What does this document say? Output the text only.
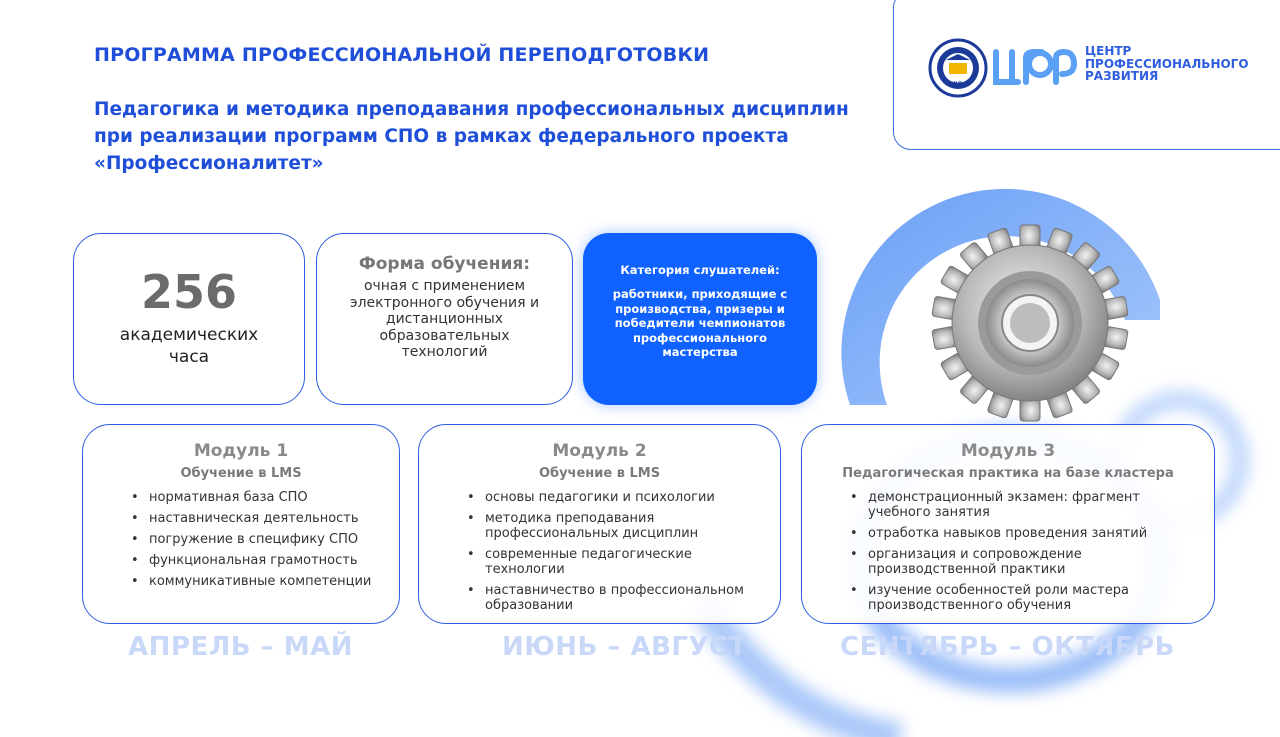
ИРПО
ЦЕНТР
ПРОФЕССИОНАЛЬНОГО
РАЗВИТИЯ
ПРОГРАММА ПРОФЕССИОНАЛЬНОЙ ПЕРЕПОДГОТОВКИ
Педагогика и методика преподавания профессиональных дисциплин при реализации программ СПО в рамках федерального проекта «Профессионалитет»
256
академических часа
Форма обучения:
очная с применением электронного обучения и дистанционных образовательных технологий
Категория слушателей:
работники, приходящие с производства, призеры и победители чемпионатов профессионального мастерства
Модуль 1
Обучение в LMS
• нормативная база СПО
• наставническая деятельность
• погружение в специфику СПО
• функциональная грамотность
• коммуникативные компетенции
Модуль 2
Обучение в LMS
• основы педагогики и психологии
• методика преподавания профессиональных дисциплин
• современные педагогические технологии
• наставничество в профессиональном образовании
Модуль 3
Педагогическая практика на базе кластера
• демонстрационный экзамен: фрагмент учебного занятия
• отработка навыков проведения занятий
• организация и сопровождение производственной практики
• изучение особенностей роли мастера производственного обучения
АПРЕЛЬ – МАЙ	ИЮНЬ – АВГУСТ	СЕНТЯБРЬ – ОКТЯБРЬ
